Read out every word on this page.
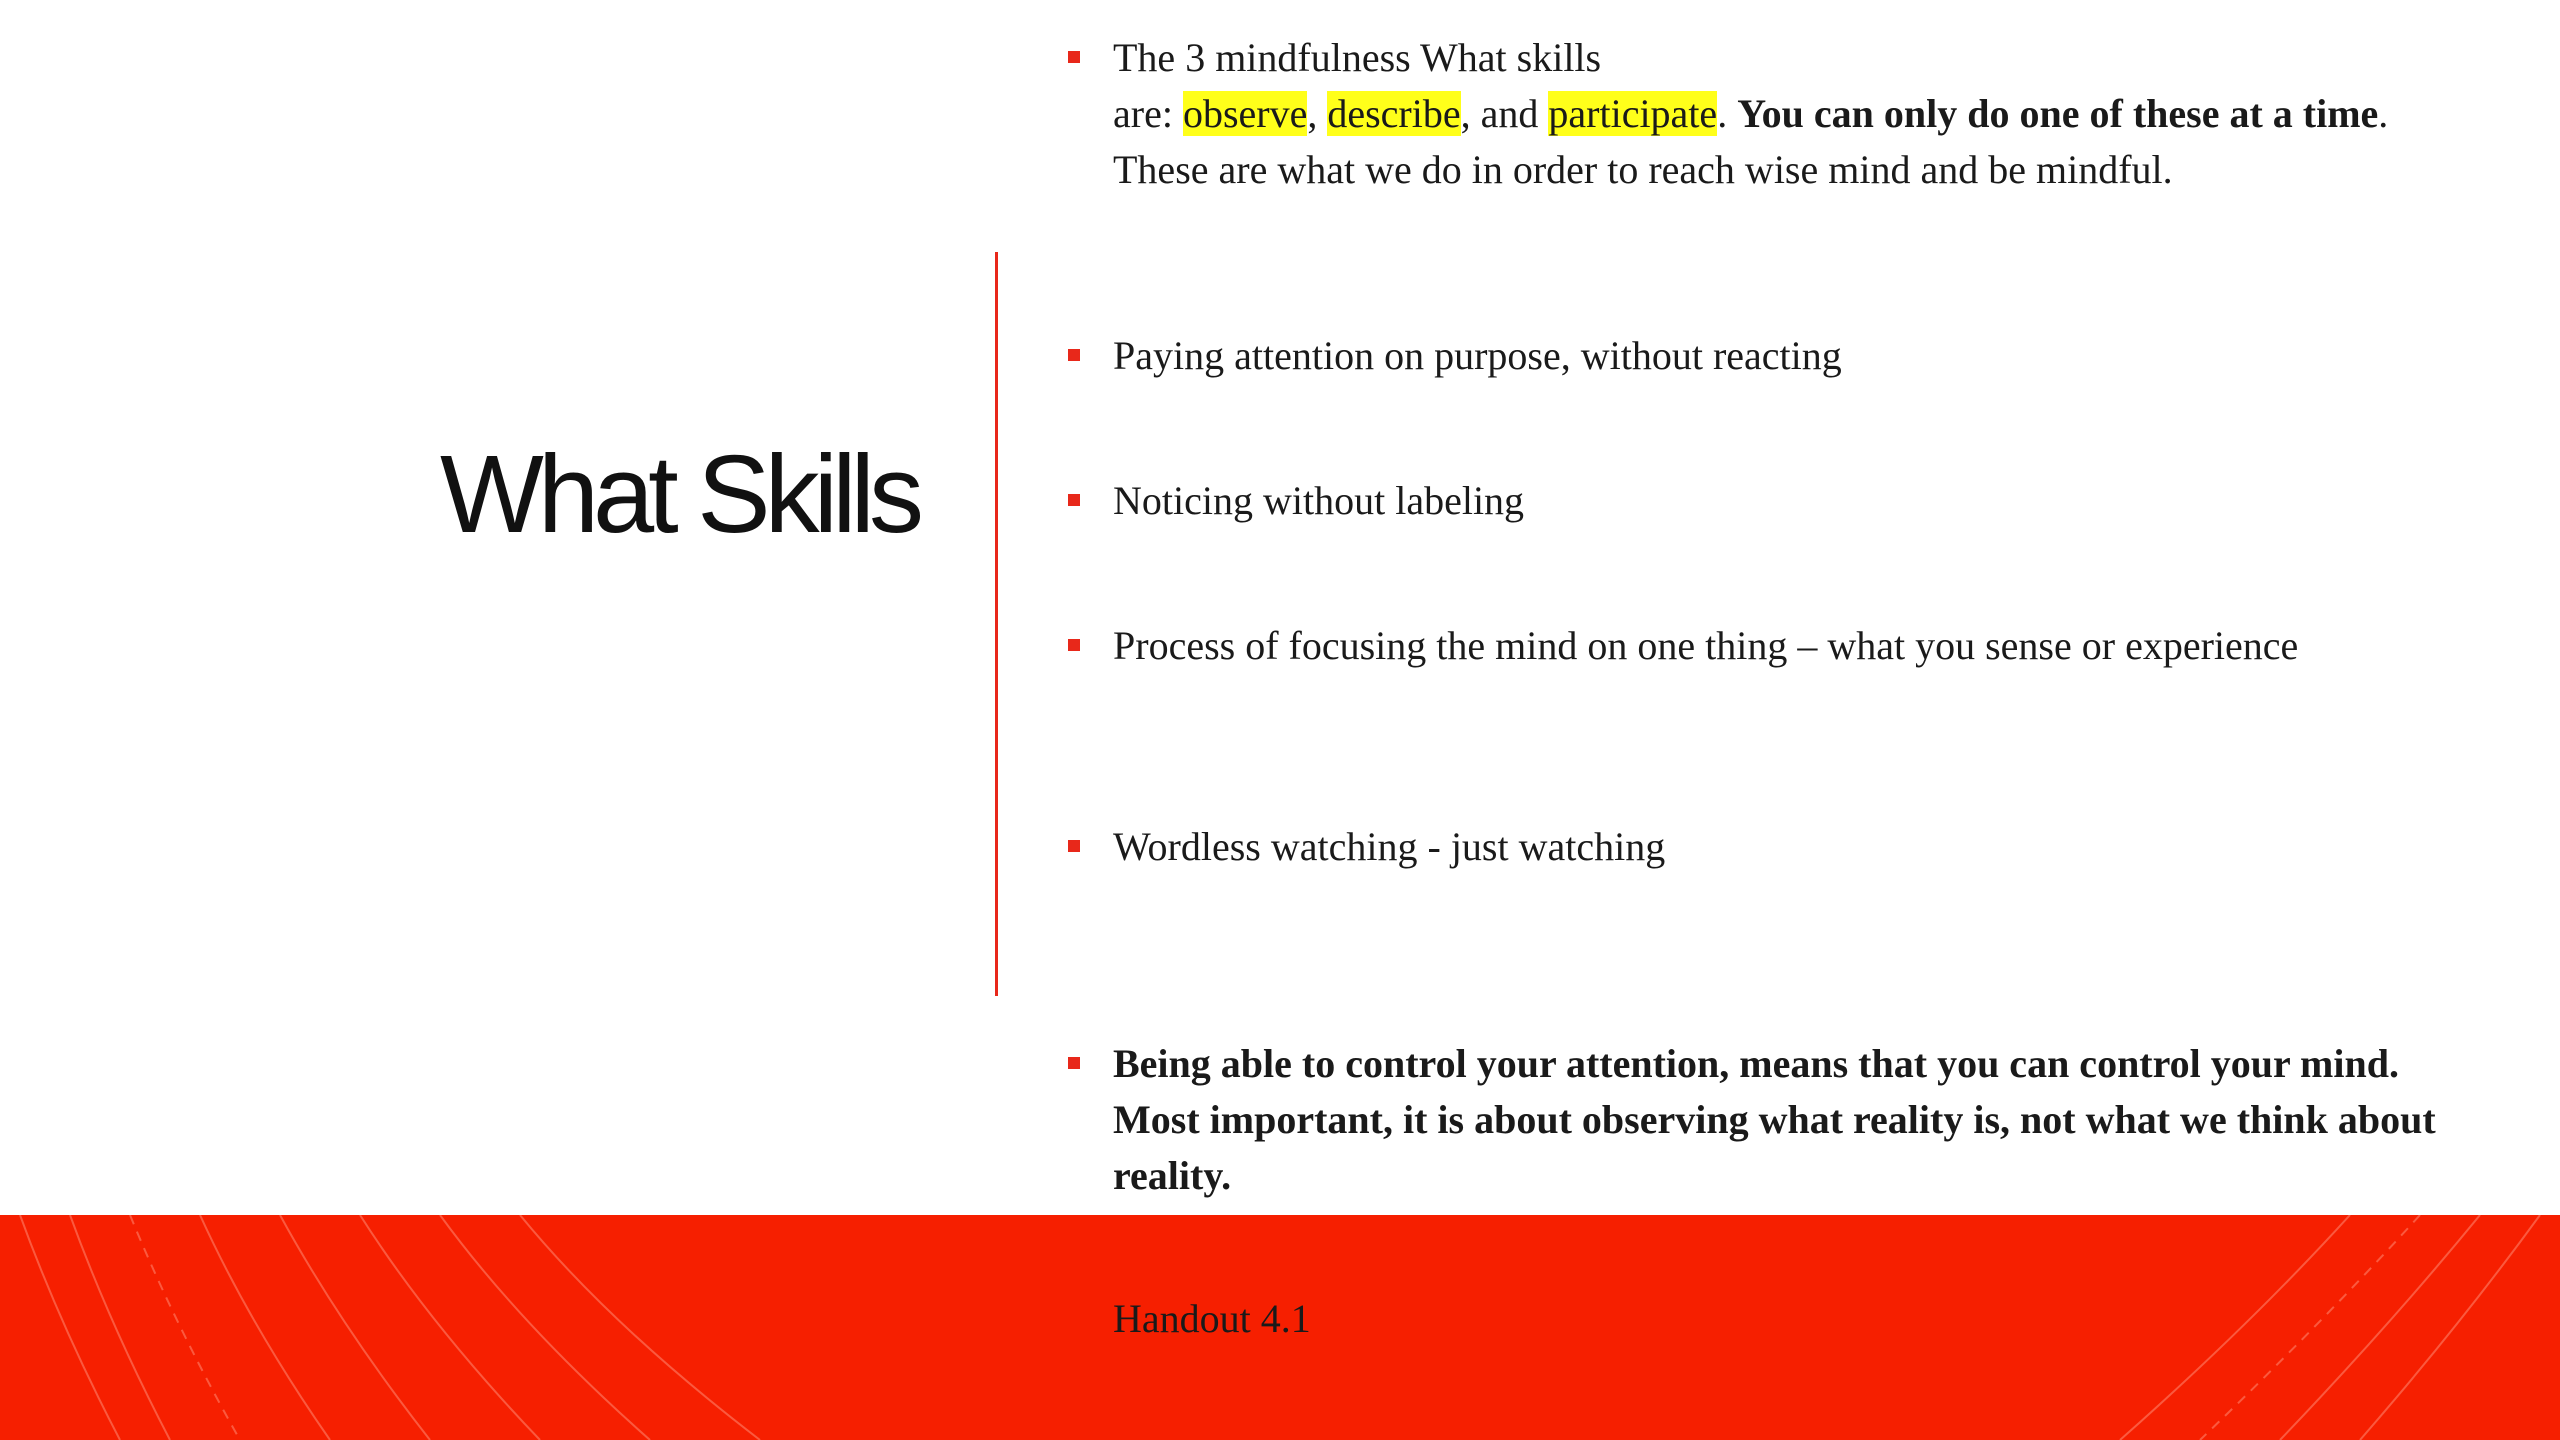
What Skills
The 3 mindfulness What skills
are: observe, describe, and participate. You can only do one of these at a time. These are what we do in order to reach wise mind and be mindful.
Paying attention on purpose, without reacting
Noticing without labeling
Process of focusing the mind on one thing – what you sense or experience
Wordless watching - just watching
Being able to control your attention, means that you can control your mind. Most important, it is about observing what reality is, not what we think about reality.
Handout 4.1
